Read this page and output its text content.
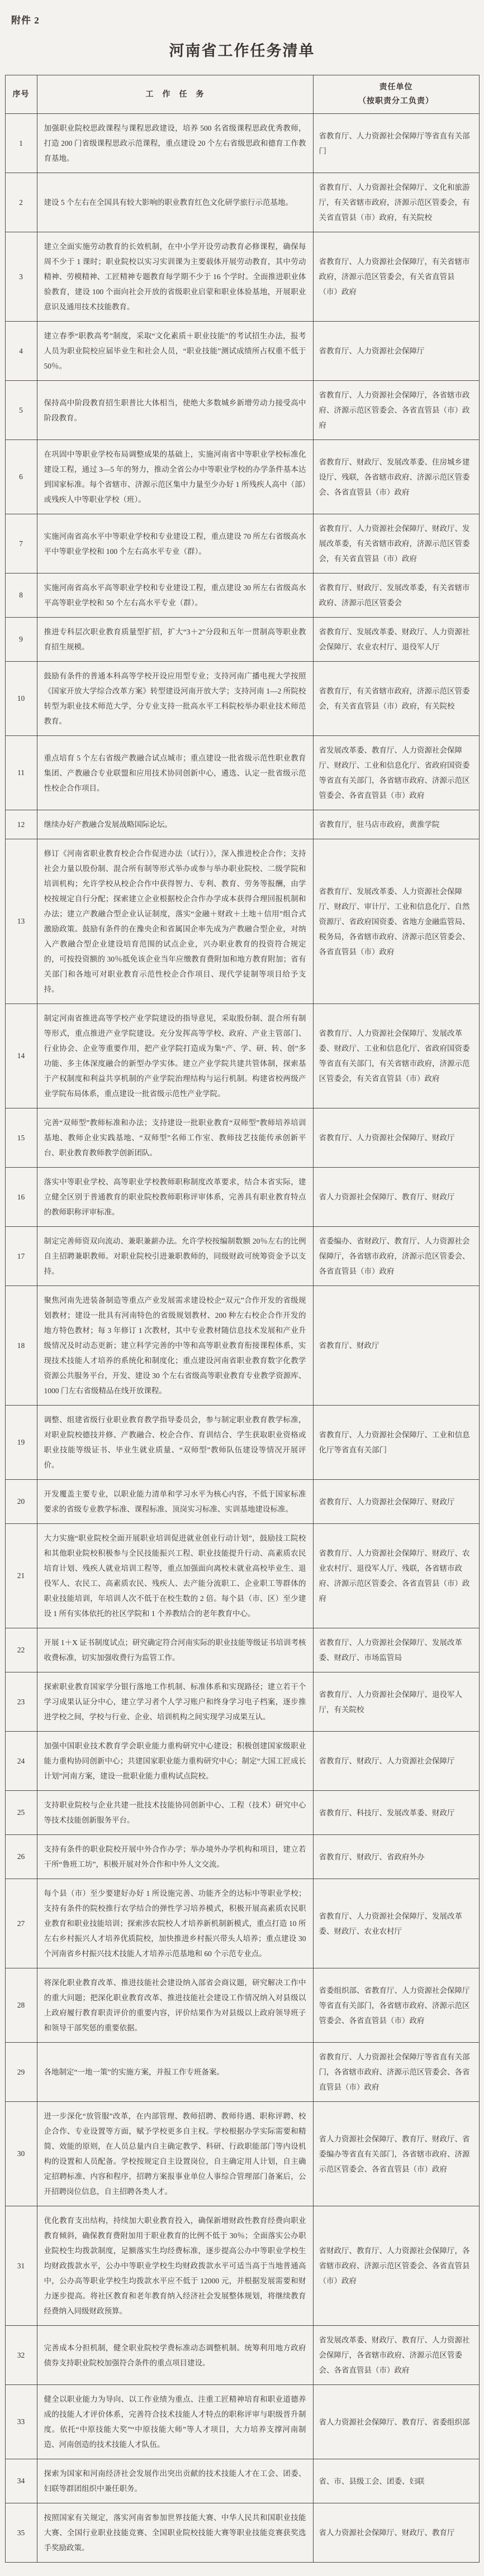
附件 2
河南省工作任务清单
序号	工　作　任　务	责任单位
（按职责分工负责）

1	加强职业院校思政课程与课程思政建设，培养 500 名省级课程思政优秀教师，打造 200 门省级课程思政示范课程，重点建设 20 个左右省级思政和德育工作教育基地。	省教育厅、人力资源社会保障厅等省直有关部门
2	建设 5 个左右在全国具有较大影响的职业教育红色文化研学旅行示范基地。	省教育厅、人力资源社会保障厅、文化和旅游厅，有关省辖市政府，济源示范区管委会，有关省直管县（市）政府，有关院校
3	建立全面实施劳动教育的长效机制，在中小学开设劳动教育必修课程，确保每周不少于 1 课时；职业院校以实习实训课为主要载体开展劳动教育，其中劳动精神、劳模精神、工匠精神专题教育每学期不少于 16 个学时。全面推进职业体验教育，建设 100 个面向社会开放的省级职业启蒙和职业体验基地，开展职业意识及通用技术技能教育。	省教育厅、人力资源社会保障厅，有关省辖市政府，济源示范区管委会，有关省直管县（市）政府
4	建立春季“职教高考”制度，采取“文化素质＋职业技能”的考试招生办法，报考人员为职业院校应届毕业生和社会人员，“职业技能”测试成绩所占权重不低于 50％。	省教育厅、人力资源社会保障厅
5	保持高中阶段教育招生职普比大体相当，使绝大多数城乡新增劳动力接受高中阶段教育。	省教育厅、人力资源社会保障厅，各省辖市政府、济源示范区管委会、各省直管县（市）政府
6	在巩固中等职业学校布局调整成果的基础上，实施河南省中等职业学校标准化建设工程，通过 3—5 年的努力，推动全省公办中等职业学校的办学条件基本达到国家标准。每个省辖市、济源示范区集中力量至少办好 1 所残疾人高中（部）或残疾人中等职业学校（班）。	省教育厅、财政厅、发展改革委、住房城乡建设厅、残联，各省辖市政府、济源示范区管委会、各省直管县（市）政府
7	实施河南省高水平中等职业学校和专业建设工程，重点建设 70 所左右省级高水平中等职业学校和 100 个左右高水平专业（群）。	省教育厅、人力资源社会保障厅、财政厅、发展改革委，有关省辖市政府，济源示范区管委会，有关省直管县（市）政府
8	实施河南省高水平高等职业学校和专业建设工程，重点建设 30 所左右省级高水平高等职业学校和 50 个左右高水平专业（群）。	省教育厅、财政厅、发展改革委，有关省辖市政府、济源示范区管委会
9	推进专科层次职业教育质量型扩招，扩大“3＋2”分段和五年一贯制高等职业教育招生规模。	省教育厅、发展改革委、财政厅、人力资源社会保障厅、农业农村厅、退役军人厅
10	鼓励有条件的普通本科高等学校开设应用型专业；支持河南广播电视大学按照《国家开放大学综合改革方案》转型建设河南开放大学；支持河南 1—2 所院校转型为职业技术师范大学，分专业支持一批高水平工科院校举办职业技术师范教育。	省教育厅，有关省辖市政府，济源示范区管委会，有关省直管县（市）政府，有关院校
11	重点培育 5 个左右省级产教融合试点城市；重点建设一批省级示范性职业教育集团、产教融合专业联盟和应用技术协同创新中心，遴选、认定一批省级示范性校企合作项目。	省发展改革委、教育厅、人力资源社会保障厅、财政厅、工业和信息化厅、省政府国资委等省直有关部门，各省辖市政府、济源示范区管委会、各省直管县（市）政府
12	继续办好产教融合发展战略国际论坛。	省教育厅，驻马店市政府，黄淮学院
13	修订《河南省职业教育校企合作促进办法（试行）》，深入推进校企合作；支持社会力量以股份制、混合所有制等形式举办或参与举办职业院校、二级学院和培训机构；允许学校从校企合作中获得智力、专利、教育、劳务等报酬，由学校按规定自行分配；探索建立企业根据校企合作办学成本获得合理回报机制和办法；建立产教融合型企业认证制度，落实“金融＋财政＋土地＋信用”组合式激励政策。鼓励有条件的在豫央企和省属国企率先成为产教融合型企业，对纳入产教融合型企业建设培育范围的试点企业，兴办职业教育的投资符合规定的，可按投资额的 30％抵免该企业当年应缴教育费附加和地方教育附加；省有关部门和各地可对职业教育示范性校企合作项目、现代学徒制等项目给予支持。	省教育厅、发展改革委、人力资源社会保障厅、财政厅、审计厅、工业和信息化厅、自然资源厅、省政府国资委、省地方金融监管局、税务局，各省辖市政府、济源示范区管委会、各省直管县（市）政府
14	制定河南省推进高等学校产业学院建设的指导意见，采取股份制、混合所有制等形式，重点推进产业学院建设。充分发挥高等学校、政府、产业主管部门、行业协会、企业等重要作用，把产业学院打造成为集“产、学、研、转、创”多功能、多主体深度融合的新型办学实体。建立产业学院共建共管体制，探索基于产权制度和利益共享机制的产业学院治理结构与运行机制。构建省校两级产业学院布局体系，重点建设一批省级示范性产业学院。	省教育厅、人力资源社会保障厅、发展改革委、财政厅、工业和信息化厅、省政府国资委等省直有关部门，有关省辖市政府，济源示范区管委会，有关省直管县（市）政府
15	完善“双师型”教师标准和办法；支持建设一批职业教育“双师型”教师培养培训基地、教师企业实践基地、“双师型”名师工作室、教师技艺技能传承创新平台、职业教育教师教学创新团队。	省教育厅、人力资源社会保障厅、财政厅
16	落实中等职业学校、高等职业学校教师职称制度改革要求，结合本省实际，建立健全区别于普通教育的职业院校教师职称评审体系，完善具有职业教育特点的教师职称评审标准。	省人力资源社会保障厅、教育厅、财政厅
17	制定完善师资双向流动、兼职兼薪办法。允许学校按编制数额 20％左右的比例自主招聘兼职教师。对职业院校引进兼职教师的，同级财政可统筹资金予以支持。	省委编办、省财政厅、教育厅、人力资源社会保障厅，各省辖市政府，济源示范区管委会、各省直管县（市）政府
18	聚焦河南先进装备制造等重点产业发展需求建设校企“双元”合作开发的省级规划教材；建设一批具有河南特色的省级规划教材、200 种左右校企合作开发的地方特色教材；每 3 年修订 1 次教材，其中专业教材随信息技术发展和产业升级情况及时动态更新；建立科学完善的中等和高等职业教育衔接课程体系，实现技术技能人才培养的系统化和制度化；重点建设河南省职业教育数字化教学资源公共服务平台，开发、建设 30 个左右省级高等职业教育专业教学资源库、1000 门左右省级精品在线开放课程。	省教育厅、财政厅
19	调整、组建省级行业职业教育教学指导委员会，参与制定职业教育教学标准，对职业院校德技并修、产教融合、校企合作、育训结合、学生获取职业资格或职业技能等级证书、毕业生就业质量、“双师型”教师队伍建设等情况开展评价。	省教育厅、人力资源社会保障厅、工业和信息化厅等省直有关部门
20	开发覆盖主要专业，以职业能力清单和学习水平为核心内容，不低于国家标准要求的省级专业教学标准、课程标准、顶岗实习标准、实训基地建设标准。	省教育厅、人力资源社会保障厅、财政厅
21	大力实施“职业院校全面开展职业培训促进就业创业行动计划”，鼓励技工院校和其他职业院校积极参与全民技能振兴工程、职业技能提升行动、高素质农民培育计划、残疾人就业培训工程等，重点加强面向离校未就业高校毕业生、退役军人、农民工、高素质农民、残疾人、去产能分流职工、企业职工等群体的职业技能培训，年培训人次不低于在校生数的 2 倍。每个县（市、区）至少建设 1 所有实体依托的社区学院和 1 个养教结合的老年教育中心。	省教育厅、人力资源社会保障厅、财政厅、农业农村厅、退役军人厅、残联，各省辖市政府、济源示范区管委会、各省直管县（市）政府
22	开展 1＋X 证书制度试点；研究确定符合河南实际的职业技能等级证书培训考核收费标准，切实加强收费行为监管工作。	省教育厅、人力资源社会保障厅、发展改革委、财政厅、市场监管局
23	探索职业教育国家学分银行落地工作机制、标准体系和实现路径；建立若干个学习成果认证分中心，建立学习者个人学习账户和终身学习电子档案，逐步推进学校之间，学校与行业、企业、培训机构之间实现学习成果互认。	省教育厅、人力资源社会保障厅、退役军人厅，有关院校
24	加强中国职业技术教育学会职业能力重构研究中心建设；积极创建国家级职业能力重构协同创新中心；共建国家职业能力重构研究中心；制定“大国工匠成长计划”河南方案，建设一批职业能力重构试点院校。	省教育厅、财政厅、人力资源社会保障厅
25	支持职业院校与企业共建一批技术技能协同创新中心、工程（技术）研究中心等技术技能创新服务平台。	省教育厅、科技厅、发展改革委、财政厅
26	支持有条件的职业院校开展中外合作办学；举办境外办学机构和项目，建立若干所“鲁班工坊”，积极开展对外合作和中外人文交流。	省教育厅、财政厅、省政府外办
27	每个县（市）至少要建好办好 1 所设施完善、功能齐全的达标中等职业学校；支持有条件的院校推行农学结合的弹性学习培养模式，积极开展高素质农民职业教育和职业技能培训；探索涉农院校人才培养新机制新模式，重点打造 10 所左右乡村振兴人才培养优质院校，加快推进乡村振兴带头人培养；重点建设 30 个河南省乡村振兴技术技能人才培养示范基地和 60 个示范专业点。	省教育厅、人力资源社会保障厅、发展改革委、财政厅、农业农村厅
28	将深化职业教育改革、推进技能社会建设纳入部省会商议题，研究解决工作中的重大问题；把深化职业教育改革、推进技能社会建设工作情况纳入对县级以上政府履行教育职责评价的重要内容，评价结果作为对县级以上政府领导班子和领导干部奖惩的重要依据。	省委组织部、省教育厅、人力资源社会保障厅等省直有关部门，各省辖市政府、济源示范区管委会、各省直管县（市）政府
29	各地制定“一地一策”的实施方案，并报工作专班备案。	省教育厅、人力资源社会保障厅等省直有关部门，各省辖市政府、济源示范区管委会、各省直管县（市）政府
30	进一步深化“放管服”改革，在内部管理、教师招聘、教师待遇、职称评聘、校企合作、专业设置等方面，赋予学校更多自主权。学校根据办学实际需要和精简、效能的原则，在人员总量内自主确定教学、科研、行政职能部门等内设机构的设置和人员配备。学校按规定自主设置岗位，自主确定用人计划，自主确定招聘标准、内容和程序，招聘方案报事业单位人事综合管理部门备案后，公开招聘岗位信息，自主招聘各类人才。	省人力资源社会保障厅、教育厅、财政厅、省委编办等省直有关部门，各省辖市政府、济源示范区管委会、各省直管县（市）政府
31	优化教育支出结构，持续加大职业教育投入，确保新增财政性教育经费向职业教育倾斜，确保教育费附加用于职业教育的比例不低于 30％；全面落实公办职业院校生均拨款制度，足额落实生均经费标准，逐步提高公办中等职业学校生均财政拨款水平，公办中等职业学校生均财政拨款水平可适当高于当地普通高中，公办高等职业学校生均拨款水平应不低于 12000 元，并根据发展需要和财力逐步提高。将社区教育和老年教育纳入经济社会发展整体规划，将继续教育经费纳入同级财政预算。	省财政厅、教育厅、人力资源社会保障厅，各省辖市政府、济源示范区管委会、各省直管县（市）政府
32	完善成本分担机制，健全职业院校学费标准动态调整机制。统筹利用地方政府债券支持职业院校加强符合条件的重点项目建设。	省发展改革委、财政厅、教育厅、人力资源社会保障厅，各省辖市政府、济源示范区管委会、各省直管县（市）政府
33	健全以职业能力为导向、以工作业绩为重点、注重工匠精神培育和职业道德养成的技能人才评价体系，完善符合技术技能人才特点的职称评审与职级晋升制度。依托“中原技能大奖”“中原技能大师”等人才项目，大力培养支撑河南制造、河南创造的技术技能人才队伍。	省人力资源社会保障厅、教育厅、省委组织部
34	探索为国家和河南经济社会发展作出突出贡献的技术技能人才在工会、团委、妇联等群团组织中兼任职务。	省、市、县级工会、团委、妇联
35	按照国家有关规定，落实河南省参加世界技能大赛、中华人民共和国职业技能大赛、全国行业职业技能竞赛、全国职业院校技能大赛等职业技能竞赛获奖选手奖励政策。	省人力资源社会保障厅、财政厅、教育厅
